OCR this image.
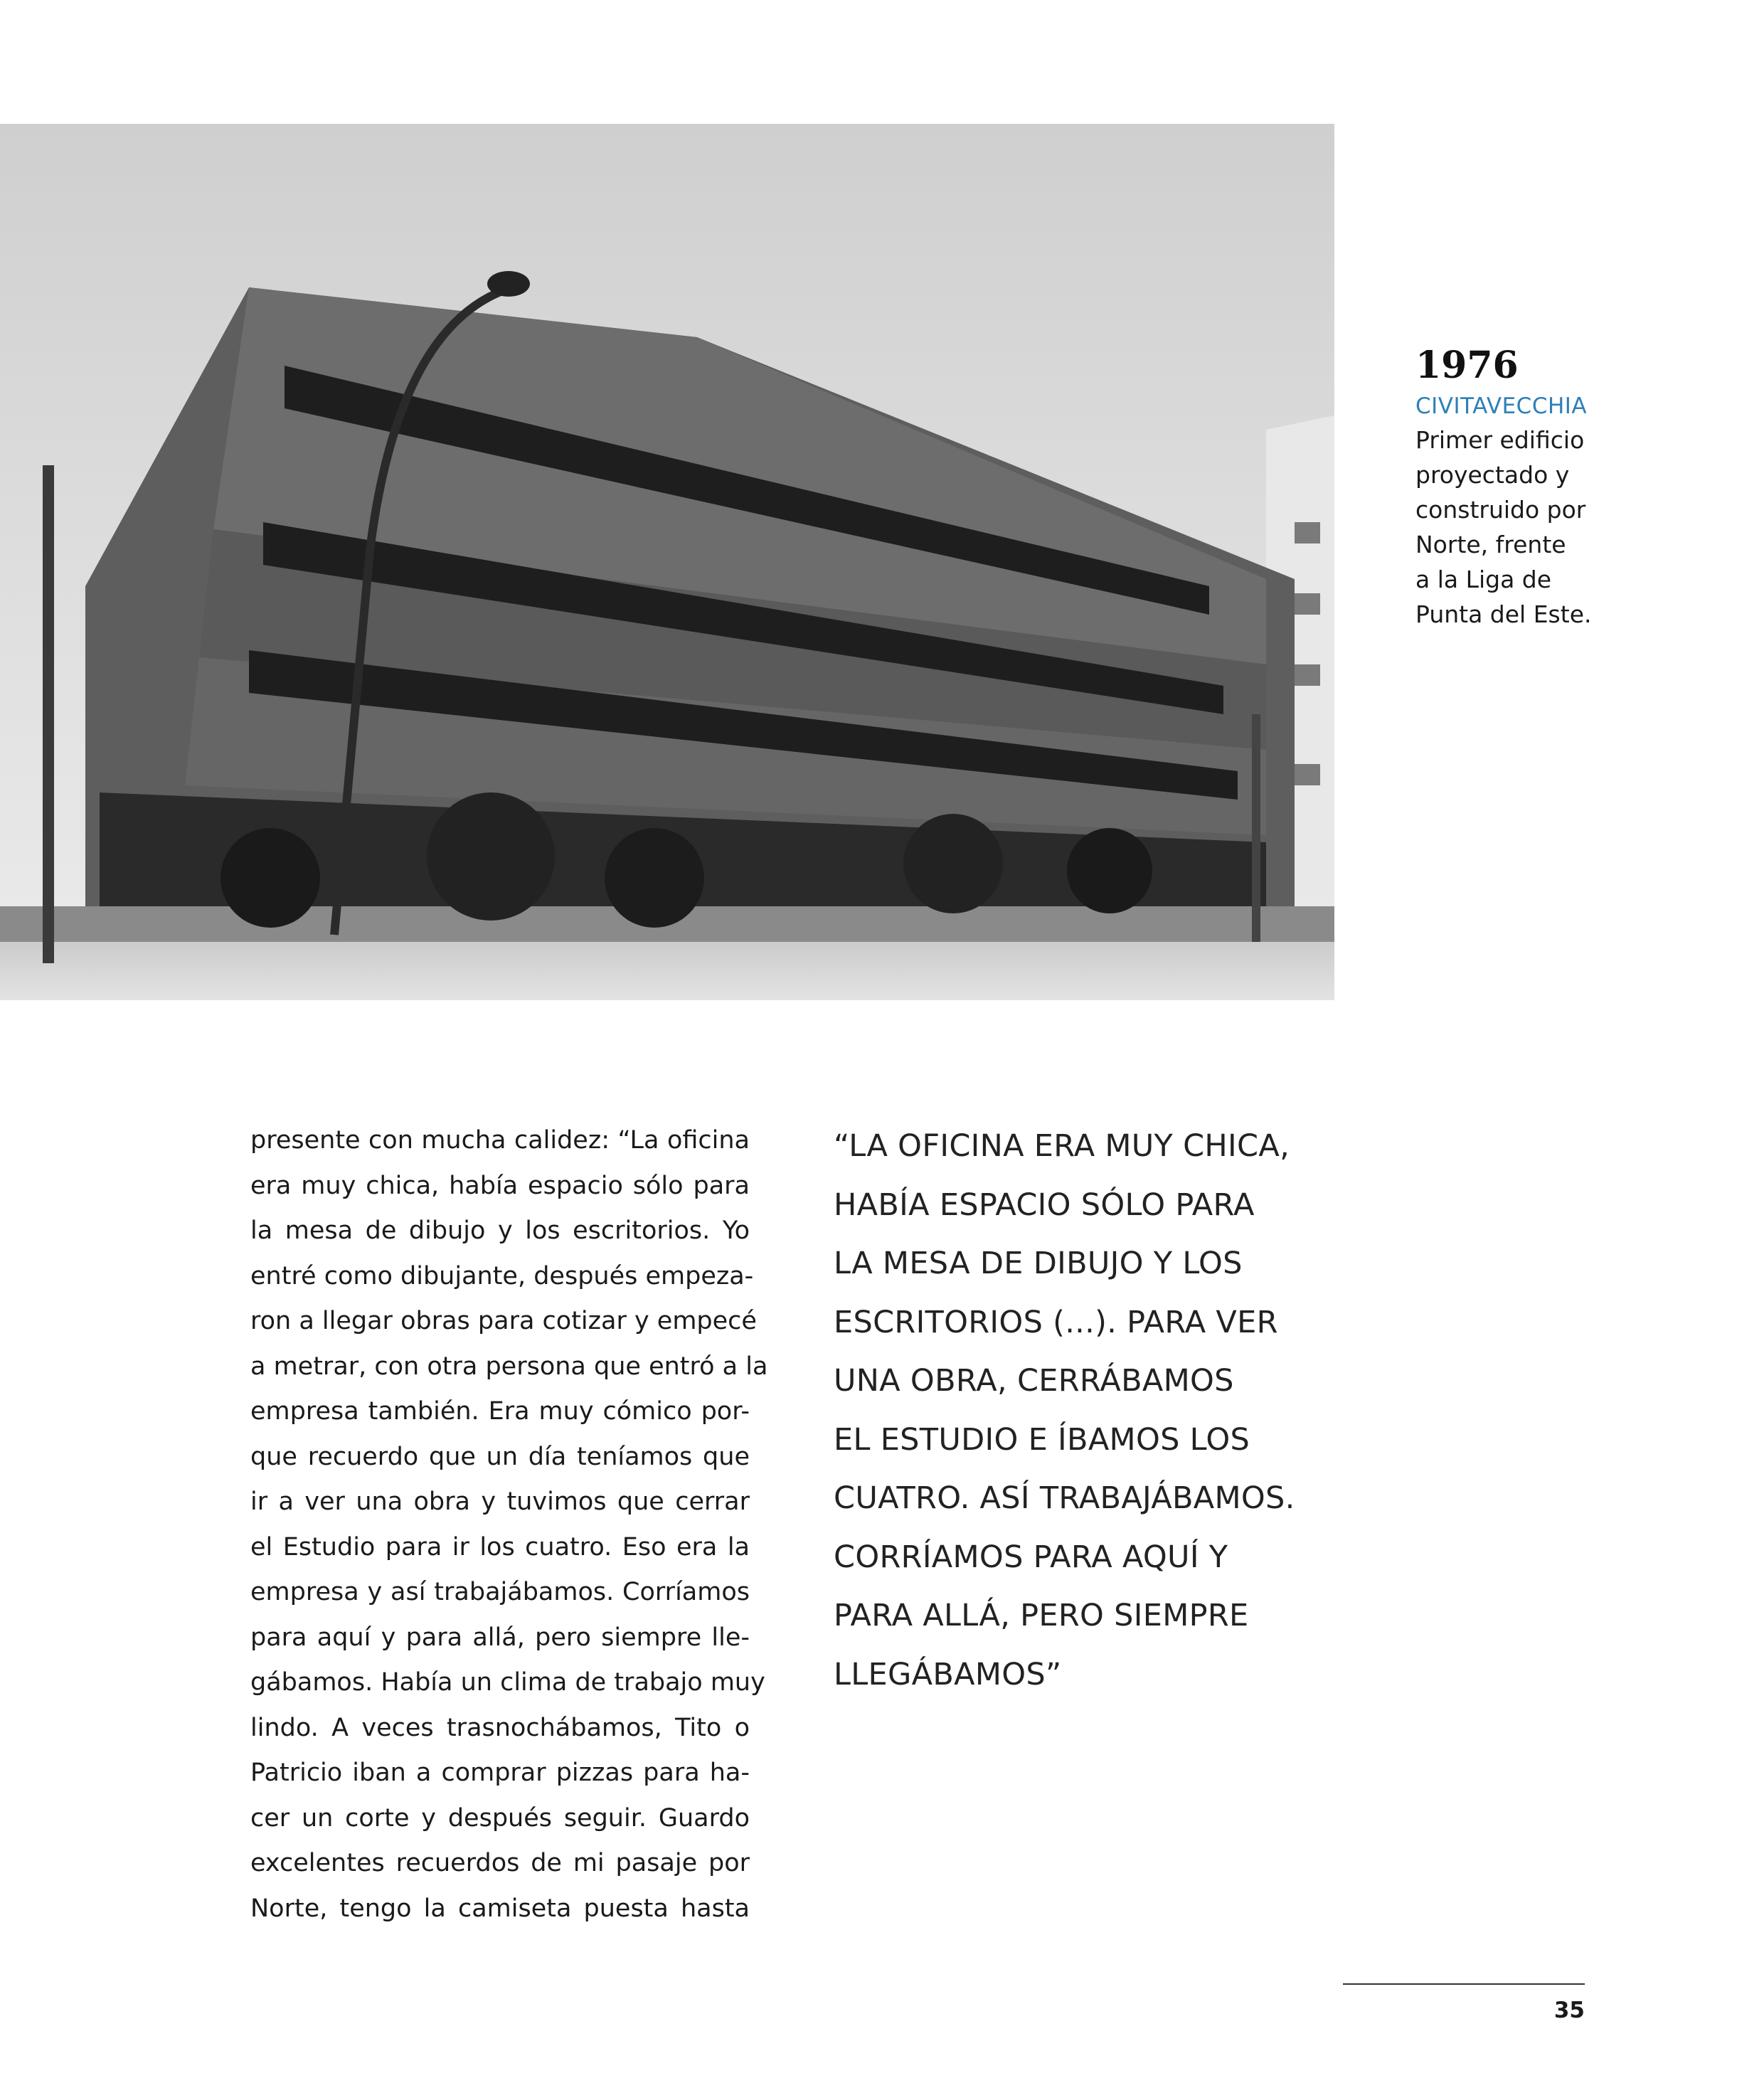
1976
CIVITAVECCHIA
Primer edificio
proyectado y
construido por
Norte, frente
a la Liga de
Punta del Este.
presente con mucha calidez: “La oficina
era muy chica, había espacio sólo para
la mesa de dibujo y los escritorios. Yo
entré como dibujante, después empeza-
ron a llegar obras para cotizar y empecé
a metrar, con otra persona que entró a la
empresa también. Era muy cómico por-
que recuerdo que un día teníamos que
ir a ver una obra y tuvimos que cerrar
el Estudio para ir los cuatro. Eso era la
empresa y así trabajábamos. Corríamos
para aquí y para allá, pero siempre lle-
gábamos. Había un clima de trabajo muy
lindo. A veces trasnochábamos, Tito o
Patricio iban a comprar pizzas para ha-
cer un corte y después seguir. Guardo
excelentes recuerdos de mi pasaje por
Norte, tengo la camiseta puesta hasta
“LA OFICINA ERA MUY CHICA,
HABÍA ESPACIO SÓLO PARA
LA MESA DE DIBUJO Y LOS
ESCRITORIOS (...). PARA VER
UNA OBRA, CERRÁBAMOS
EL ESTUDIO E ÍBAMOS LOS
CUATRO. ASÍ TRABAJÁBAMOS.
CORRÍAMOS PARA AQUÍ Y
PARA ALLÁ, PERO SIEMPRE
LLEGÁBAMOS”
35
